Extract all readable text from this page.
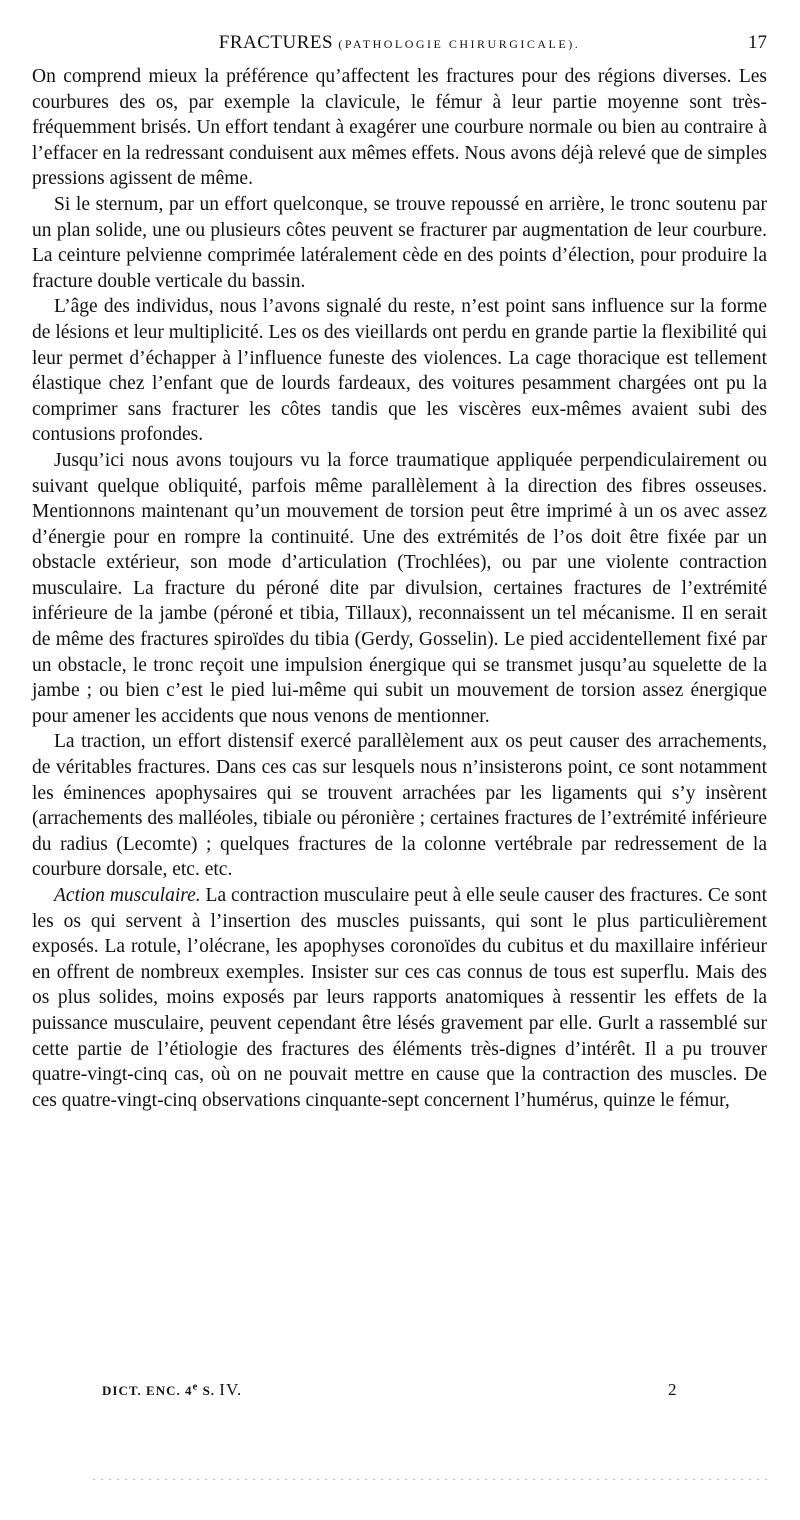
FRACTURES (PATHOLOGIE CHIRURGICALE).	17

On comprend mieux la préférence qu’affectent les fractures pour des régions diverses. Les courbures des os, par exemple la clavicule, le fémur à leur partie moyenne sont très-fréquemment brisés. Un effort tendant à exagérer une courbure normale ou bien au contraire à l’effacer en la redressant conduisent aux mêmes effets. Nous avons déjà relevé que de simples pressions agissent de même.

Si le sternum, par un effort quelconque, se trouve repoussé en arrière, le tronc soutenu par un plan solide, une ou plusieurs côtes peuvent se fracturer par augmentation de leur courbure. La ceinture pelvienne comprimée latéralement cède en des points d’élection, pour produire la fracture double verticale du bassin.

L’âge des individus, nous l’avons signalé du reste, n’est point sans influence sur la forme de lésions et leur multiplicité. Les os des vieillards ont perdu en grande partie la flexibilité qui leur permet d’échapper à l’influence funeste des violences. La cage thoracique est tellement élastique chez l’enfant que de lourds fardeaux, des voitures pesamment chargées ont pu la comprimer sans fracturer les côtes tandis que les viscères eux-mêmes avaient subi des contusions profondes.

Jusqu’ici nous avons toujours vu la force traumatique appliquée perpendiculairement ou suivant quelque obliquité, parfois même parallèlement à la direction des fibres osseuses. Mentionnons maintenant qu’un mouvement de torsion peut être imprimé à un os avec assez d’énergie pour en rompre la continuité. Une des extrémités de l’os doit être fixée par un obstacle extérieur, son mode d’articulation (Trochlées), ou par une violente contraction musculaire. La fracture du péroné dite par divulsion, certaines fractures de l’extrémité inférieure de la jambe (péroné et tibia, Tillaux), reconnaissent un tel mécanisme. Il en serait de même des fractures spiroïdes du tibia (Gerdy, Gosselin). Le pied accidentellement fixé par un obstacle, le tronc reçoit une impulsion énergique qui se transmet jusqu’au squelette de la jambe ; ou bien c’est le pied lui-même qui subit un mouvement de torsion assez énergique pour amener les accidents que nous venons de mentionner.

La traction, un effort distensif exercé parallèlement aux os peut causer des arrachements, de véritables fractures. Dans ces cas sur lesquels nous n’insisterons point, ce sont notamment les éminences apophysaires qui se trouvent arrachées par les ligaments qui s’y insèrent (arrachements des malléoles, tibiale ou péronière ; certaines fractures de l’extrémité inférieure du radius (Lecomte) ; quelques fractures de la colonne vertébrale par redressement de la courbure dorsale, etc. etc.

Action musculaire. La contraction musculaire peut à elle seule causer des fractures. Ce sont les os qui servent à l’insertion des muscles puissants, qui sont le plus particulièrement exposés. La rotule, l’olécrane, les apophyses coronoïdes du cubitus et du maxillaire inférieur en offrent de nombreux exemples. Insister sur ces cas connus de tous est superflu. Mais des os plus solides, moins exposés par leurs rapports anatomiques à ressentir les effets de la puissance musculaire, peuvent cependant être lésés gravement par elle. Gurlt a rassemblé sur cette partie de l’étiologie des fractures des éléments très-dignes d’intérêt. Il a pu trouver quatre-vingt-cinq cas, où on ne pouvait mettre en cause que la contraction des muscles. De ces quatre-vingt-cinq observations cinquante-sept concernent l’humérus, quinze le fémur,

DICT. ENC. 4e S. IV.	2
